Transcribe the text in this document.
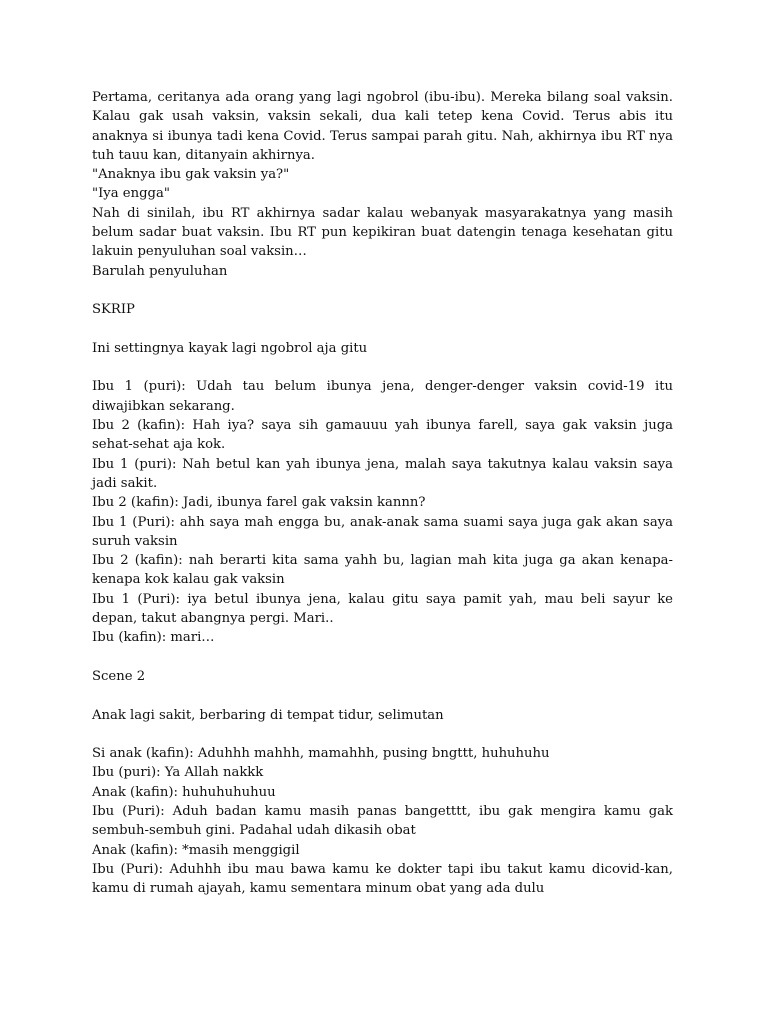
Pertama, ceritanya ada orang yang lagi ngobrol (ibu-ibu). Mereka bilang soal vaksin. Kalau gak usah vaksin, vaksin sekali, dua kali tetep kena Covid. Terus abis itu anaknya si ibunya tadi kena Covid. Terus sampai parah gitu. Nah, akhirnya ibu RT nya tuh tauu kan, ditanyain akhirnya.

"Anaknya ibu gak vaksin ya?"

"Iya engga"

Nah di sinilah, ibu RT akhirnya sadar kalau webanyak masyarakatnya yang masih belum sadar buat vaksin. Ibu RT pun kepikiran buat datengin tenaga kesehatan gitu lakuin penyuluhan soal vaksin…

Barulah penyuluhan

SKRIP

Ini settingnya kayak lagi ngobrol aja gitu

Ibu 1 (puri): Udah tau belum ibunya jena, denger-denger vaksin covid-19 itu diwajibkan sekarang.

Ibu 2 (kafin): Hah iya? saya sih gamauuu yah ibunya farell, saya gak vaksin juga sehat-sehat aja kok.

Ibu 1 (puri): Nah betul kan yah ibunya jena, malah saya takutnya kalau vaksin saya jadi sakit.

Ibu 2 (kafin): Jadi, ibunya farel gak vaksin kannn?

Ibu 1 (Puri): ahh saya mah engga bu, anak-anak sama suami saya juga gak akan saya suruh vaksin

Ibu 2 (kafin): nah berarti kita sama yahh bu, lagian mah kita juga ga akan kenapa-kenapa kok kalau gak vaksin

Ibu 1 (Puri): iya betul ibunya jena, kalau gitu saya pamit yah, mau beli sayur ke depan, takut abangnya pergi. Mari..

Ibu (kafin): mari…

Scene 2

Anak lagi sakit, berbaring di tempat tidur, selimutan

Si anak (kafin): Aduhhh mahhh, mamahhh, pusing bngttt, huhuhuhu

Ibu (puri): Ya Allah nakkk

Anak (kafin): huhuhuhuhuu

Ibu (Puri): Aduh badan kamu masih panas bangetttt, ibu gak mengira kamu gak sembuh-sembuh gini. Padahal udah dikasih obat

Anak (kafin): *masih menggigil

Ibu (Puri): Aduhhh ibu mau bawa kamu ke dokter tapi ibu takut kamu dicovid-kan, kamu di rumah ajayah, kamu sementara minum obat yang ada dulu
